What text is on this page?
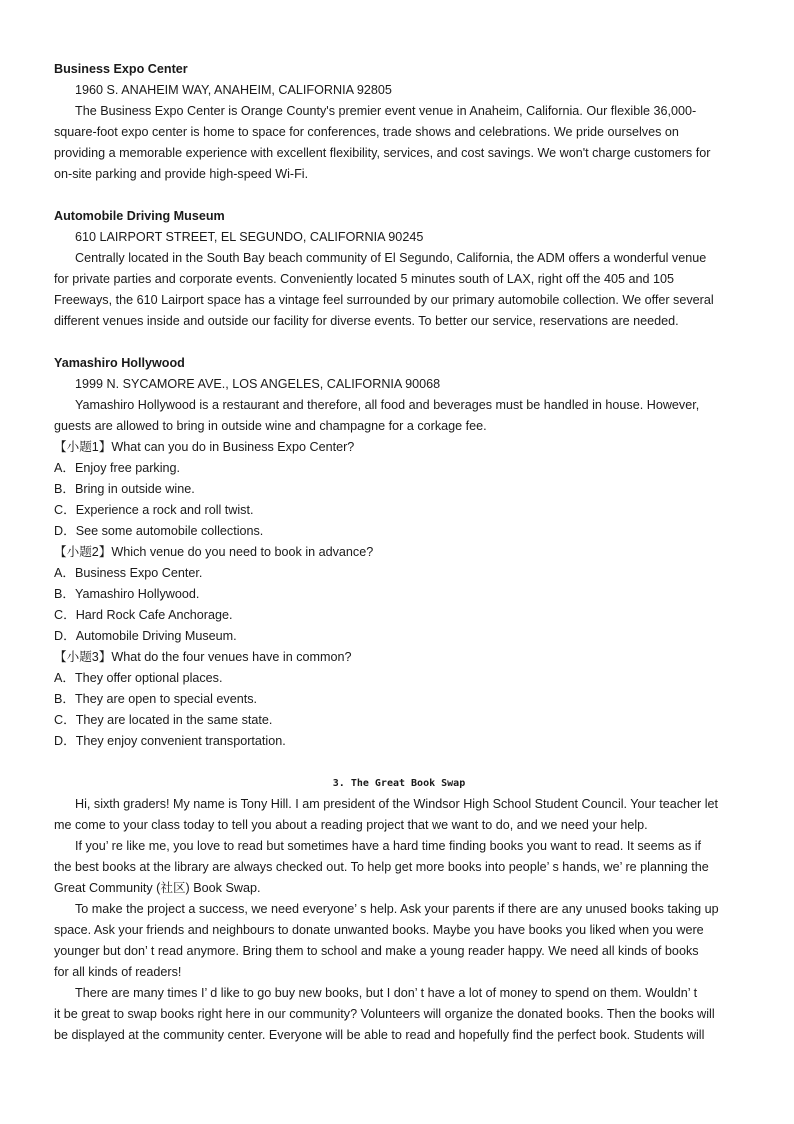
Business Expo Center
1960 S. ANAHEIM WAY, ANAHEIM, CALIFORNIA 92805
The Business Expo Center is Orange County's premier event venue in Anaheim, California. Our flexible 36,000-
square-foot expo center is home to space for conferences, trade shows and celebrations. We pride ourselves on
providing a memorable experience with excellent flexibility, services, and cost savings. We won't charge customers for
on-site parking and provide high-speed Wi-Fi.
Automobile Driving Museum
610 LAIRPORT STREET, EL SEGUNDO, CALIFORNIA 90245
Centrally located in the South Bay beach community of El Segundo, California, the ADM offers a wonderful venue
for private parties and corporate events. Conveniently located 5 minutes south of LAX, right off the 405 and 105
Freeways, the 610 Lairport space has a vintage feel surrounded by our primary automobile collection. We offer several
different venues inside and outside our facility for diverse events. To better our service, reservations are needed.
Yamashiro Hollywood
1999 N. SYCAMORE AVE., LOS ANGELES, CALIFORNIA 90068
Yamashiro Hollywood is a restaurant and therefore, all food and beverages must be handled in house. However,
guests are allowed to bring in outside wine and champagne for a corkage fee.
【小题1】What can you do in Business Expo Center?
A．Enjoy free parking.
B．Bring in outside wine.
C．Experience a rock and roll twist.
D．See some automobile collections.
【小题2】Which venue do you need to book in advance?
A．Business Expo Center.
B．Yamashiro Hollywood.
C．Hard Rock Cafe Anchorage.
D．Automobile Driving Museum.
【小题3】What do the four venues have in common?
A．They offer optional places.
B．They are open to special events.
C．They are located in the same state.
D．They enjoy convenient transportation.
3. The Great Book Swap
Hi, sixth graders! My name is Tony Hill. I am president of the Windsor High School Student Council. Your teacher let
me come to your class today to tell you about a reading project that we want to do, and we need your help.
If you’ re like me, you love to read but sometimes have a hard time finding books you want to read. It seems as if
the best books at the library are always checked out. To help get more books into people’ s hands, we’ re planning the
Great Community (社区) Book Swap.
To make the project a success, we need everyone’ s help. Ask your parents if there are any unused books taking up
space. Ask your friends and neighbours to donate unwanted books. Maybe you have books you liked when you were
younger but don’ t read anymore. Bring them to school and make a young reader happy. We need all kinds of books
for all kinds of readers!
There are many times I’ d like to go buy new books, but I don’ t have a lot of money to spend on them. Wouldn’ t
it be great to swap books right here in our community? Volunteers will organize the donated books. Then the books will
be displayed at the community center. Everyone will be able to read and hopefully find the perfect book. Students will
